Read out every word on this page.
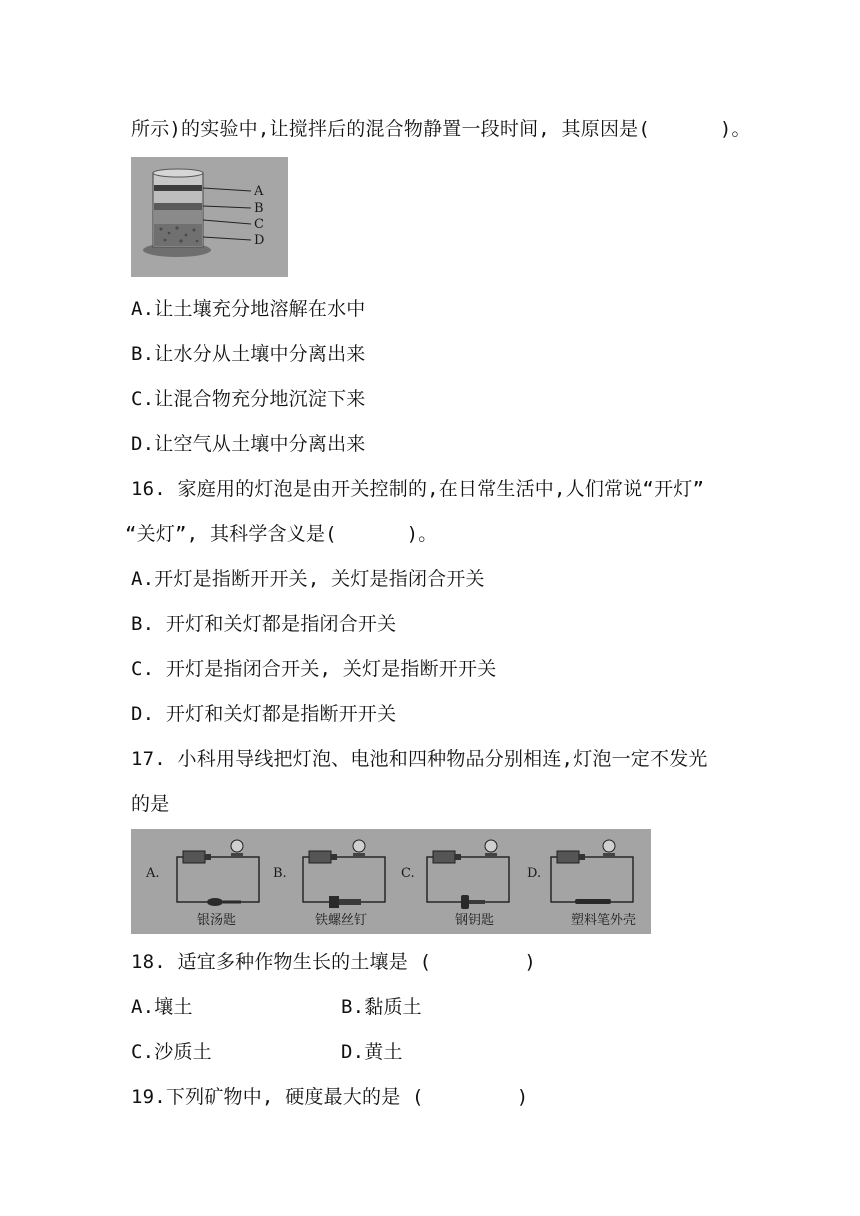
所示)的实验中,让搅拌后的混合物静置一段时间, 其原因是(      )。
A
B
C
D
A.让土壤充分地溶解在水中
B.让水分从土壤中分离出来
C.让混合物充分地沉淀下来
D.让空气从土壤中分离出来
16. 家庭用的灯泡是由开关控制的,在日常生活中,人们常说“开灯”
“关灯”, 其科学含义是(      )。
A.开灯是指断开开关, 关灯是指闭合开关
B. 开灯和关灯都是指闭合开关
C. 开灯是指闭合开关, 关灯是指断开开关
D. 开灯和关灯都是指断开开关
17. 小科用导线把灯泡、电池和四种物品分别相连,灯泡一定不发光
的是
A.
银汤匙
B.
铁螺丝钉
C.
钢钥匙
D.
塑料笔外壳
18. 适宜多种作物生长的土壤是 (        )
A.壤土	B.黏质土
C.沙质土	D.黄土
19.下列矿物中, 硬度最大的是 (        )
